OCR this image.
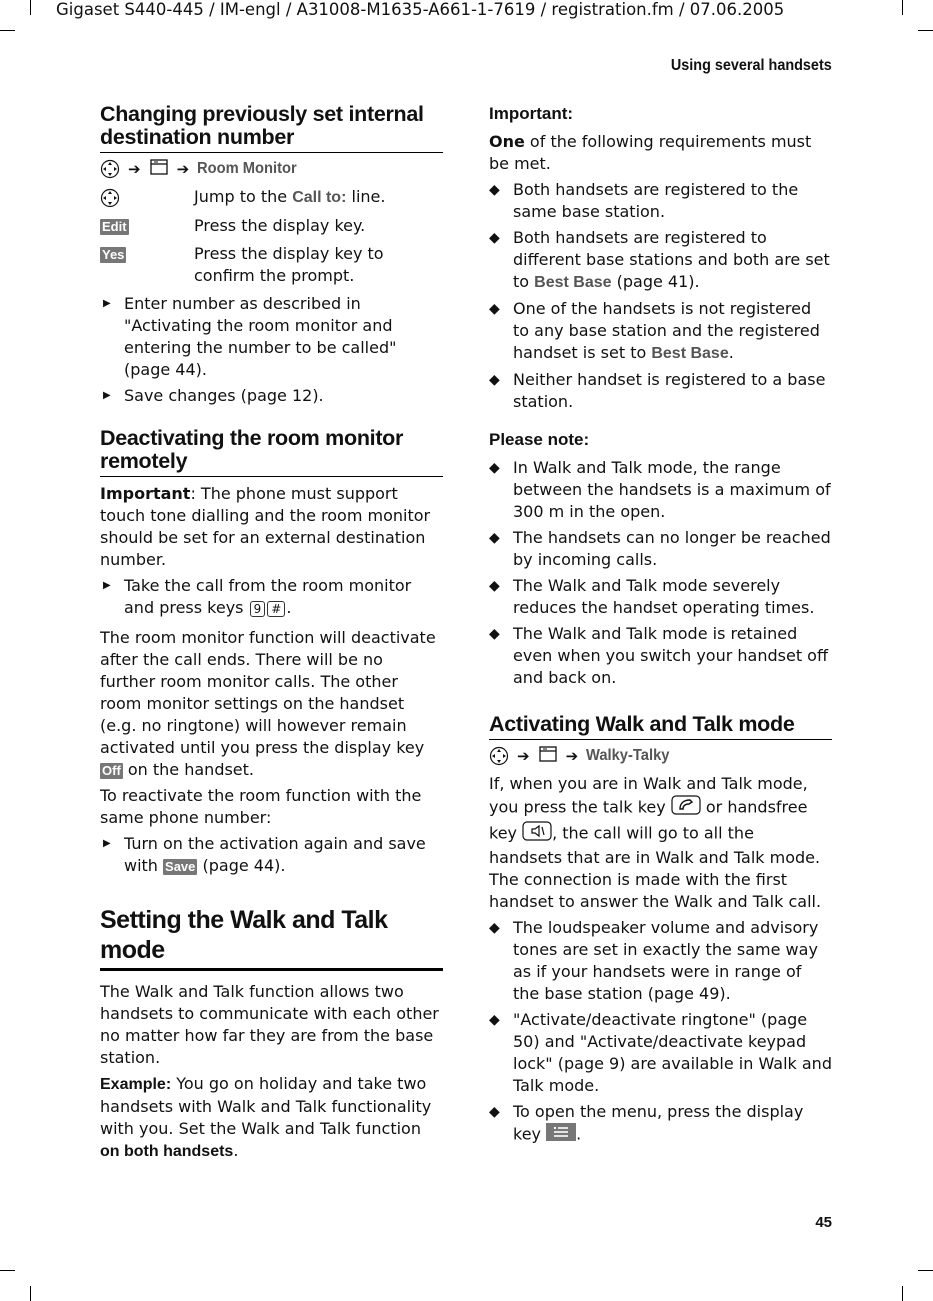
Gigaset S440-445 / IM-engl / A31008-M1635-A661-1-7619 / registration.fm / 07.06.2005
Using several handsets
Changing previously set internal destination number
➔ ➔ Room Monitor
Jump to the Call to: line.
Edit	Press the display key.
Yes	Press the display key to confirm the prompt.
▶ Enter number as described in "Activating the room monitor and entering the number to be called" (page 44).
▶ Save changes (page 12).
Deactivating the room monitor remotely

Important: The phone must support touch tone dialling and the room monitor should be set for an external destination number.

▶ Take the call from the room monitor and press keys 9 # .

The room monitor function will deactivate after the call ends. There will be no further room monitor calls. The other room monitor settings on the handset (e.g. no ringtone) will however remain activated until you press the display key Off on the handset.

To reactivate the room function with the same phone number:

▶ Turn on the activation again and save with Save (page 44).
Setting the Walk and Talk mode

The Walk and Talk function allows two handsets to communicate with each other no matter how far they are from the base station.

Example: You go on holiday and take two handsets with Walk and Talk functionality with you. Set the Walk and Talk function on both handsets.

Important:

One of the following requirements must be met.

◆ Both handsets are registered to the same base station.
◆ Both handsets are registered to different base stations and both are set to Best Base (page 41).
◆ One of the handsets is not registered to any base station and the registered handset is set to Best Base.
◆ Neither handset is registered to a base station.
Please note:
◆ In Walk and Talk mode, the range between the handsets is a maximum of 300 m in the open.
◆ The handsets can no longer be reached by incoming calls.
◆ The Walk and Talk mode severely reduces the handset operating times.
◆ The Walk and Talk mode is retained even when you switch your handset off and back on.
Activating Walk and Talk mode
➔ ➔ Walky-Talky

If, when you are in Walk and Talk mode, you press the talk key  or handsfree key , the call will go to all the handsets that are in Walk and Talk mode. The connection is made with the first handset to answer the Walk and Talk call.

◆ The loudspeaker volume and advisory tones are set in exactly the same way as if your handsets were in range of the base station (page 49).
◆ "Activate/deactivate ringtone" (page 50) and "Activate/deactivate keypad lock" (page 9) are available in Walk and Talk mode.
◆ To open the menu, press the display key .
45
